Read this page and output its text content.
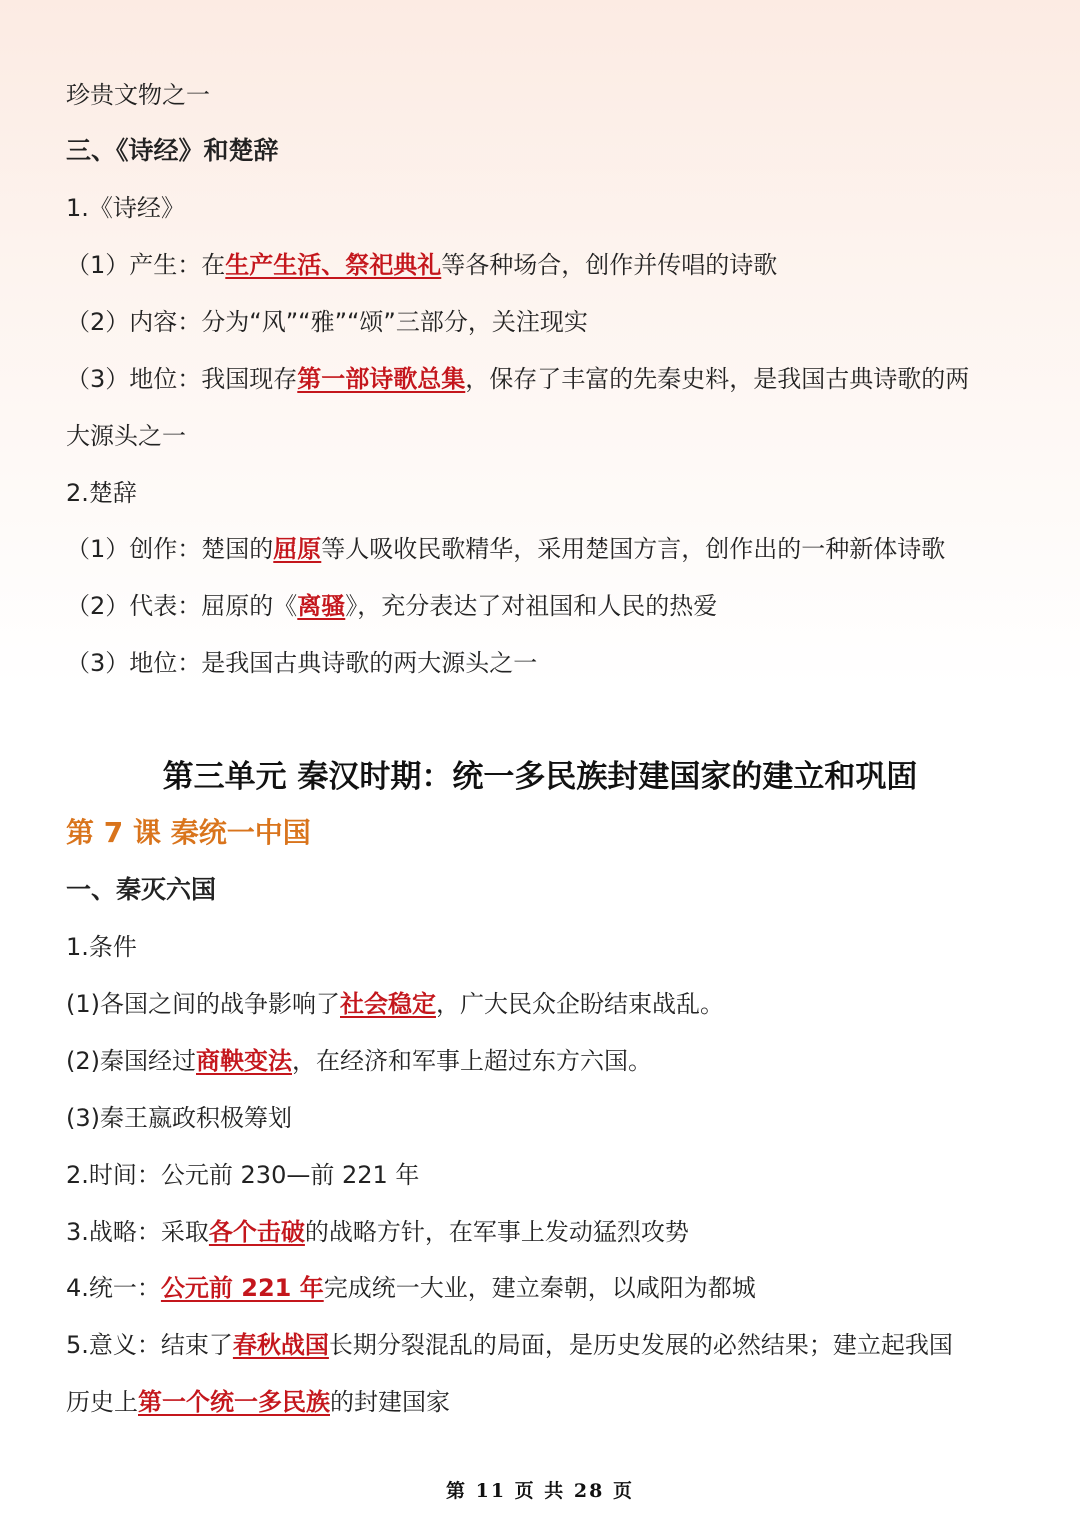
珍贵文物之一
三、《诗经》和楚辞
1.《诗经》
（1）产生：在生产生活、祭祀典礼等各种场合，创作并传唱的诗歌
（2）内容：分为“风”“雅”“颂”三部分，关注现实
（3）地位：我国现存第一部诗歌总集，保存了丰富的先秦史料，是我国古典诗歌的两
大源头之一
2.楚辞
（1）创作：楚国的屈原等人吸收民歌精华，采用楚国方言，创作出的一种新体诗歌
（2）代表：屈原的《离骚》，充分表达了对祖国和人民的热爱
（3）地位：是我国古典诗歌的两大源头之一
第三单元 秦汉时期：统一多民族封建国家的建立和巩固
第 7 课 秦统一中国
一、秦灭六国
1.条件
(1)各国之间的战争影响了社会稳定，广大民众企盼结束战乱。
(2)秦国经过商鞅变法，在经济和军事上超过东方六国。
(3)秦王嬴政积极筹划
2.时间：公元前 230—前 221 年
3.战略：采取各个击破的战略方针，在军事上发动猛烈攻势
4.统一：公元前 221 年完成统一大业，建立秦朝，以咸阳为都城
5.意义：结束了春秋战国长期分裂混乱的局面，是历史发展的必然结果；建立起我国
历史上第一个统一多民族的封建国家
第 11 页 共 28 页
